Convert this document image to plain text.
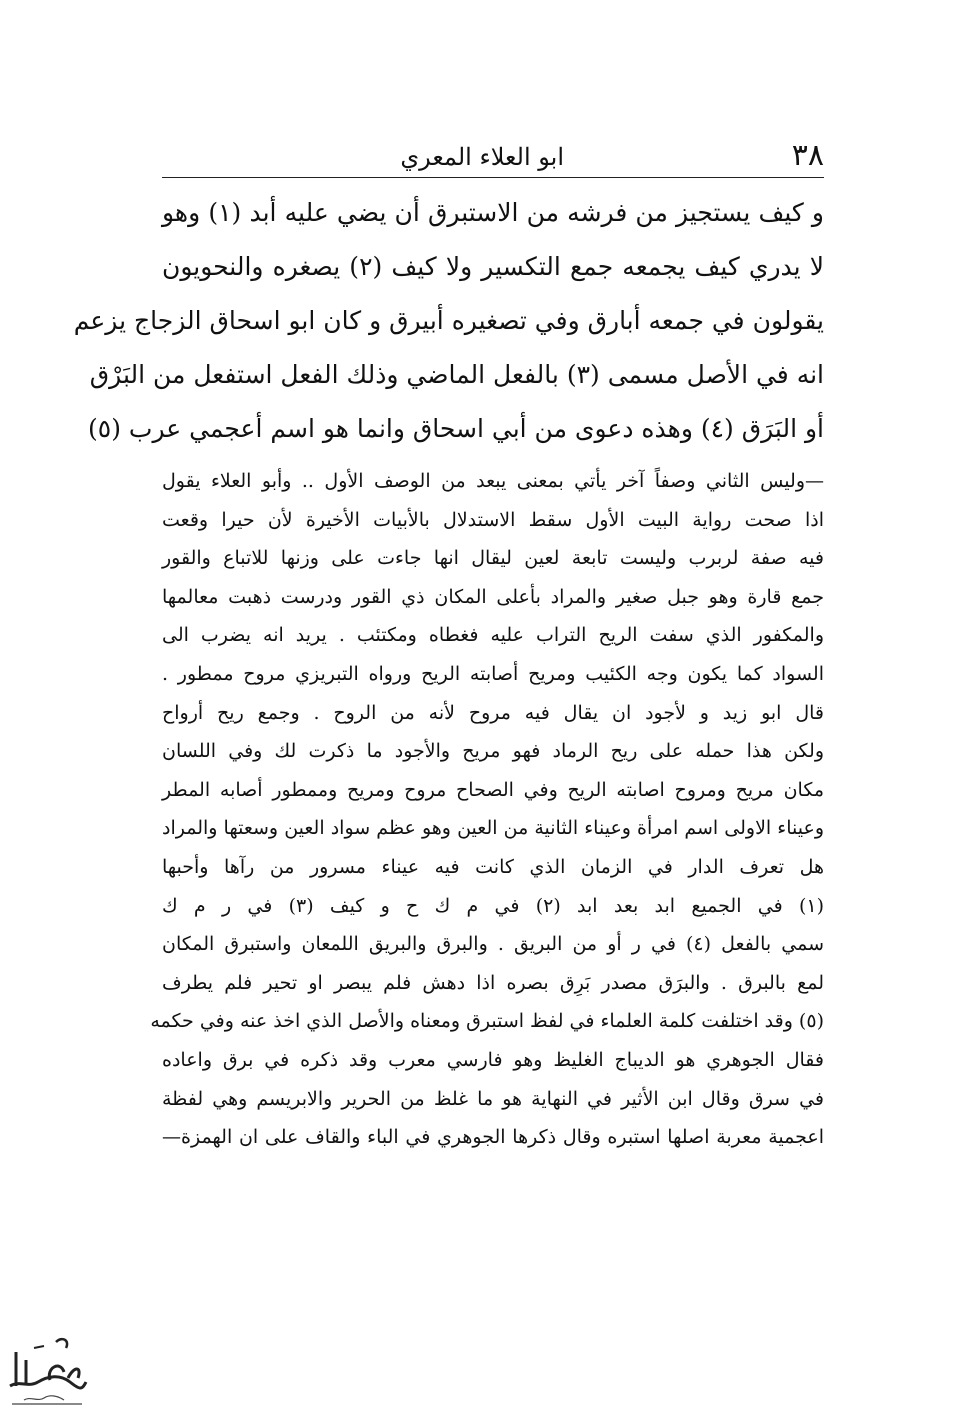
٣٨
ابو العلاء المعري
و كيف يستجيز من فرشه من الاستبرق أن يضي عليه أبد (١) وهو
لا يدري كيف يجمعه جمع التكسير ولا كيف (٢) يصغره والنحويون
يقولون في جمعه أبارق وفي تصغيره أبيرق و كان ابو اسحاق الزجاج يزعم
انه في الأصل مسمى (٣) بالفعل الماضي وذلك الفعل استفعل من البَرْق
أو البَرَق (٤) وهذه دعوى من أبي اسحاق وانما هو اسم أعجمي عرب (٥)
—وليس الثاني وصفاً آخر يأتي بمعنى يبعد من الوصف الأول .. وأبو العلاء يقول
اذا صحت رواية البيت الأول سقط الاستدلال بالأبيات الأخيرة لأن حيرا وقعت
فيه صفة لربرب وليست تابعة لعين ليقال انها جاءت على وزنها للاتباع والقور
جمع قارة وهو جبل صغير والمراد بأعلى المكان ذي القور ودرست ذهبت معالمها
والمكفور الذي سفت الريح التراب عليه فغطاه ومكتئب . يريد انه يضرب الى
السواد كما يكون وجه الكئيب ومريح أصابته الريح ورواه التبريزي مروح ممطور .
قال ابو زيد و لأجود ان يقال فيه مروح لأنه من الروح . وجمع ريح أرواح
ولكن هذا حمله على ريح الرماد فهو مريح والأجود ما ذكرت لك وفي اللسان
مكان مريح ومروح اصابته الريح وفي الصحاح مروح ومريح وممطور أصابه المطر
وعيناء الاولى اسم امرأة وعيناء الثانية من العين وهو عظم سواد العين وسعتها والمراد
هل تعرف الدار في الزمان الذي كانت فيه عيناء مسرور من رآها وأحبها
(١) في الجميع ابد بعد ابد (٢) في م ك ح و كيف (٣) في ر م ك
سمي بالفعل (٤) في ر أو من البريق . والبرق والبريق اللمعان واستبرق المكان
لمع بالبرق . والبرَق مصدر بَرِق بصره اذا دهش فلم يبصر او تحير فلم يطرف
(٥) وقد اختلفت كلمة العلماء في لفظ استبرق ومعناه والأصل الذي اخذ عنه وفي حكمه
فقال الجوهري هو الديباج الغليظ وهو فارسي معرب وقد ذكره في برق واعاده
في سرق وقال ابن الأثير في النهاية هو ما غلظ من الحرير والابريسم وهي لفظة
اعجمية معربة اصلها استبره وقال ذكرها الجوهري في الباء والقاف على ان الهمزة—
